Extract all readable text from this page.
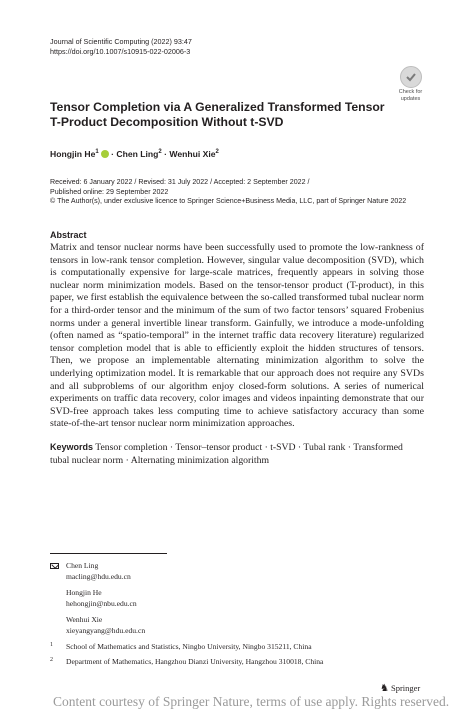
Journal of Scientific Computing (2022) 93:47
https://doi.org/10.1007/s10915-022-02006-3
Check for
updates
Tensor Completion via A Generalized Transformed Tensor
T-Product Decomposition Without t-SVD
Hongjin $He^1$ · Chen Ling$^2$ · Wenhui Xie$^2$
Received: 6 January 2022 / Revised: 31 July 2022 / Accepted: 2 September 2022 /
Published online: 29 September 2022
© The Author(s), under exclusive licence to Springer Science+Business Media, LLC, part of Springer Nature 2022
Abstract
Matrix and tensor nuclear norms have been successfully used to promote the low-rankness of tensors in low-rank tensor completion. However, singular value decomposition (SVD), which is computationally expensive for large-scale matrices, frequently appears in solving those nuclear norm minimization models. Based on the tensor-tensor product (T-product), in this paper, we first establish the equivalence between the so-called transformed tubal nuclear norm for a third-order tensor and the minimum of the sum of two factor tensors’ squared Frobenius norms under a general invertible linear transform. Gainfully, we introduce a mode-unfolding (often named as “spatio-temporal” in the internet traffic data recovery literature) regularized tensor completion model that is able to efficiently exploit the hidden structures of tensors. Then, we propose an implementable alternating minimization algorithm to solve the underlying optimization model. It is remarkable that our approach does not require any SVDs and all subproblems of our algorithm enjoy closed-form solutions. A series of numerical experiments on traffic data recovery, color images and videos inpainting demonstrate that our SVD-free approach takes less computing time to achieve satisfactory accuracy than some state-of-the-art tensor nuclear norm minimization approaches.
Keywords Tensor completion · Tensor–tensor product · t-SVD · Tubal rank · Transformed tubal nuclear norm · Alternating minimization algorithm
Chen Ling
macling@hdu.edu.cn
Hongjin He
hehongjin@nbu.edu.cn
Wenhui Xie
xieyangyang@hdu.edu.cn
1 School of Mathematics and Statistics, Ningbo University, Ningbo 315211, China
2 Department of Mathematics, Hangzhou Dianzi University, Hangzhou 310018, China
♞ Springer
Content courtesy of Springer Nature, terms of use apply. Rights reserved.
